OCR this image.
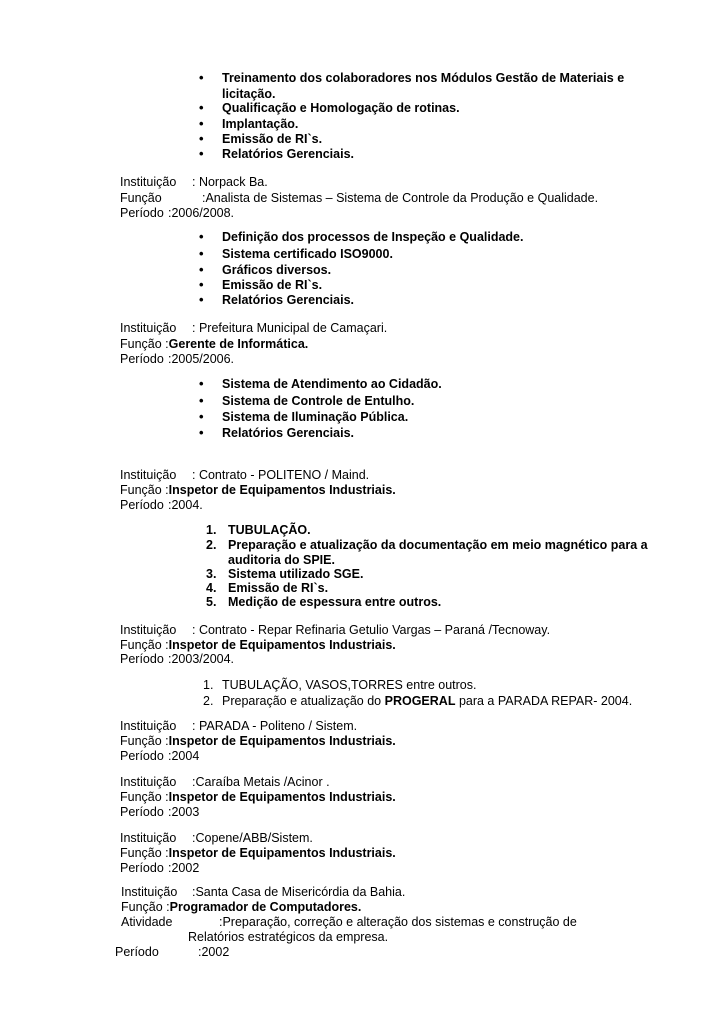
• Treinamento dos colaboradores nos Módulos Gestão de Materiais e
licitação.
• Qualificação e Homologação de rotinas.
• Implantação.
• Emissão de RI`s.
• Relatórios Gerenciais.
Instituição : Norpack Ba.
Função	:Analista de Sistemas – Sistema de Controle da Produção e Qualidade.
Período :2006/2008.
• Definição dos processos de Inspeção e Qualidade.
• Sistema certificado ISO9000.
• Gráficos diversos.
• Emissão de RI`s.
• Relatórios Gerenciais.
Instituição : Prefeitura Municipal de Camaçari.
Função :Gerente de Informática.
Período :2005/2006.
• Sistema de Atendimento ao Cidadão.
• Sistema de Controle de Entulho.
• Sistema de Iluminação Pública.
• Relatórios Gerenciais.
Instituição : Contrato - POLITENO / Maind.
Função :Inspetor de Equipamentos Industriais.
Período :2004.
1. TUBULAÇÃO.
2. Preparação e atualização da documentação em meio magnético para a
auditoria do SPIE.
3. Sistema utilizado SGE.
4. Emissão de RI`s.
5. Medição de espessura entre outros.
Instituição : Contrato - Repar Refinaria Getulio Vargas – Paraná /Tecnoway.
Função :Inspetor de Equipamentos Industriais.
Período :2003/2004.
1. TUBULAÇÃO, VASOS,TORRES entre outros.
2. Preparação e atualização do PROGERAL para a PARADA REPAR- 2004.
Instituição : PARADA - Politeno / Sistem.
Função :Inspetor de Equipamentos Industriais.
Período :2004
Instituição :Caraíba Metais /Acinor .
Função :Inspetor de Equipamentos Industriais.
Período :2003
Instituição :Copene/ABB/Sistem.
Função :Inspetor de Equipamentos Industriais.
Período :2002
Instituição :Santa Casa de Misericórdia da Bahia.
Função :Programador de Computadores.
Atividade	:Preparação, correção e alteração dos sistemas e construção de
Relatórios estratégicos da empresa.
Período	:2002
